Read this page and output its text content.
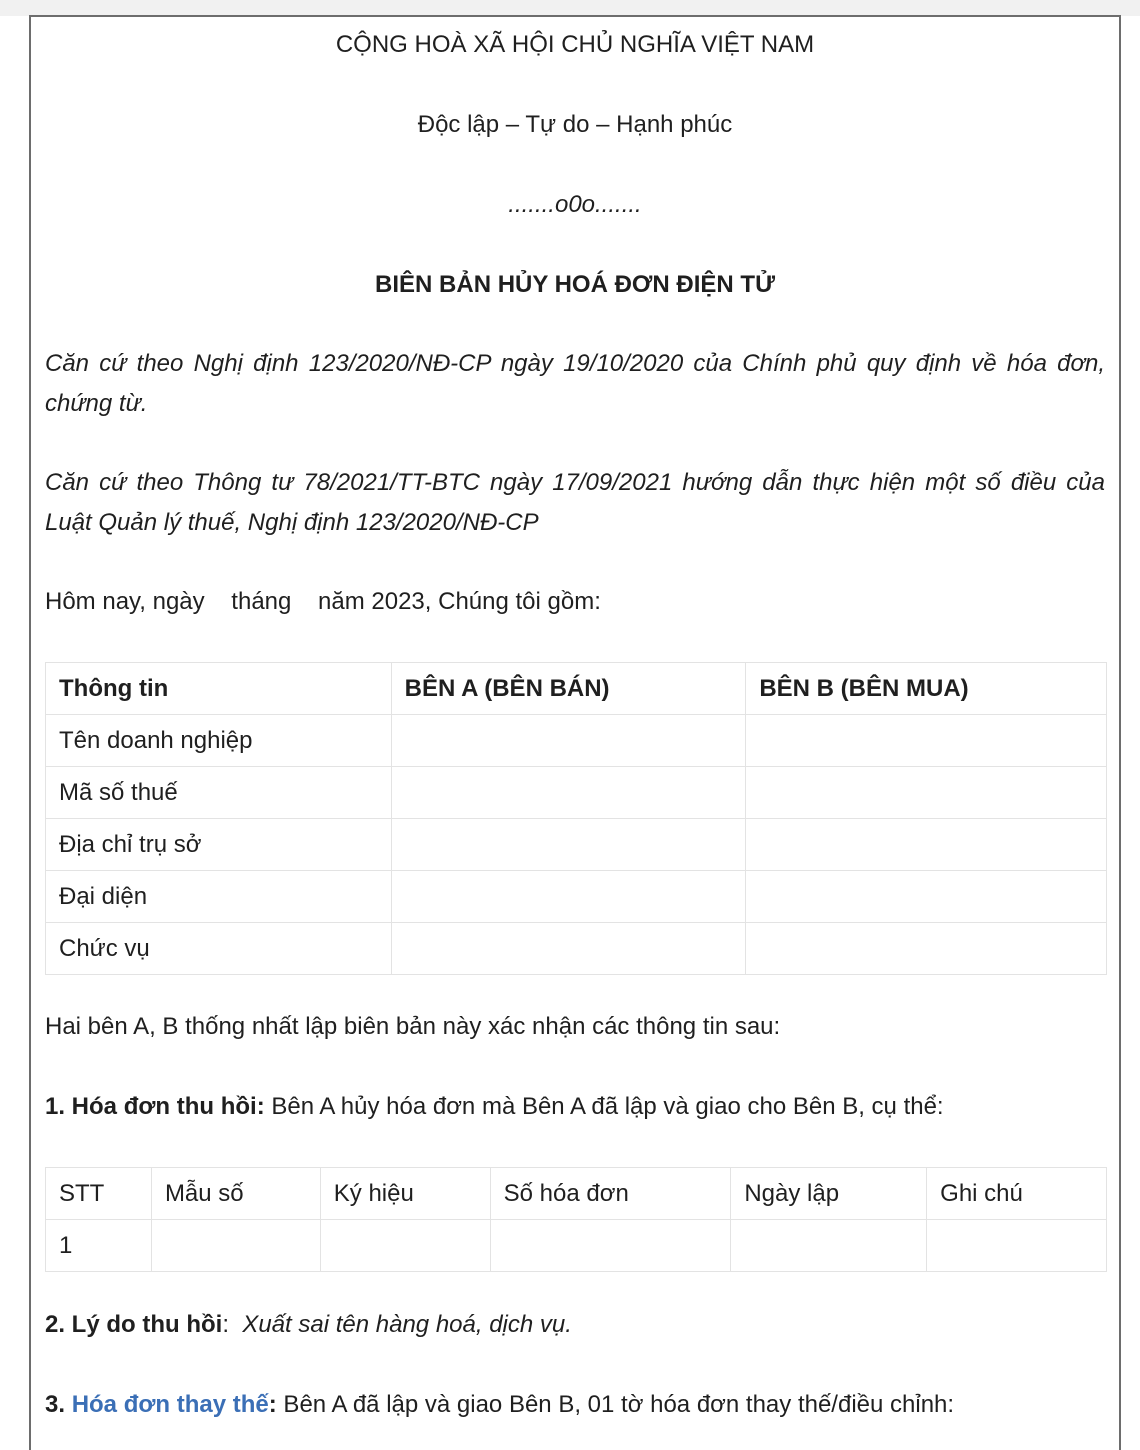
CỘNG HOÀ XÃ HỘI CHỦ NGHĨA VIỆT NAM

Độc lập – Tự do – Hạnh phúc

.......o0o.......

BIÊN BẢN HỦY HOÁ ĐƠN ĐIỆN TỬ

Căn cứ theo Nghị định 123/2020/NĐ-CP ngày 19/10/2020 của Chính phủ quy định về hóa đơn, chứng từ.

Căn cứ theo Thông tư 78/2021/TT-BTC ngày 17/09/2021 hướng dẫn thực hiện một số điều của Luật Quản lý thuế, Nghị định 123/2020/NĐ-CP

Hôm nay, ngày    tháng    năm 2023, Chúng tôi gồm:

Thông tin	BÊN A (BÊN BÁN)	BÊN B (BÊN MUA)
Tên doanh nghiệp		
Mã số thuế		
Địa chỉ trụ sở		
Đại diện		
Chức vụ		

Hai bên A, B thống nhất lập biên bản này xác nhận các thông tin sau:

1. Hóa đơn thu hồi: Bên A hủy hóa đơn mà Bên A đã lập và giao cho Bên B, cụ thể:

STT	Mẫu số	Ký hiệu	Số hóa đơn	Ngày lập	Ghi chú
1					

2. Lý do thu hồi:  Xuất sai tên hàng hoá, dịch vụ.

3. Hóa đơn thay thế: Bên A đã lập và giao Bên B, 01 tờ hóa đơn thay thế/điều chỉnh:
